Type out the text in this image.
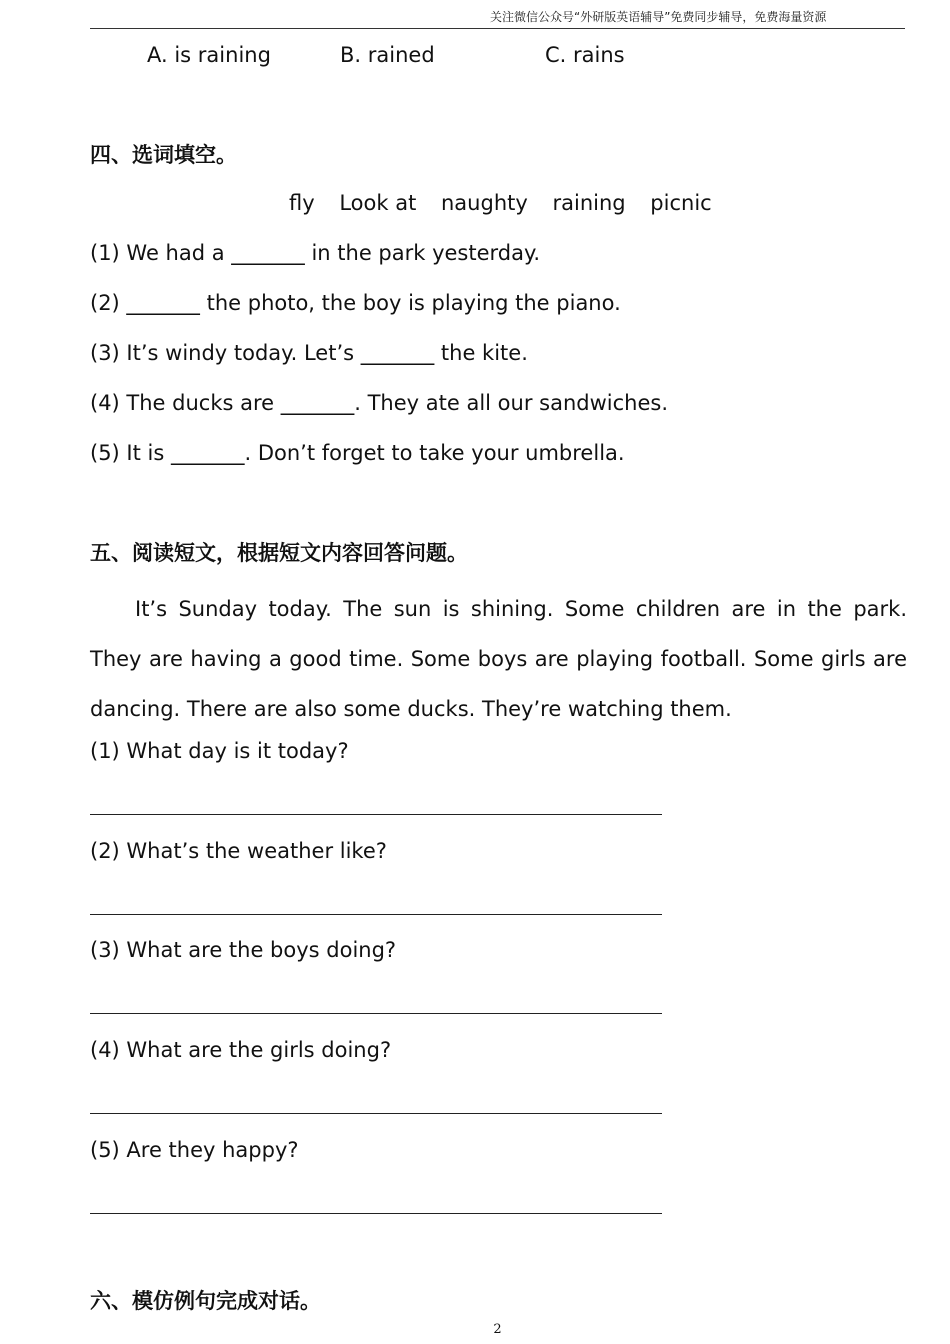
关注微信公众号“外研版英语辅导”免费同步辅导，免费海量资源
A. is raining	B. rained	C. rains
四、选词填空。
fly Look at naughty raining picnic
(1) We had a _______ in the park yesterday.
(2) _______ the photo, the boy is playing the piano.
(3) It’s windy today. Let’s _______ the kite.
(4) The ducks are _______. They ate all our sandwiches.
(5) It is _______. Don’t forget to take your umbrella.
五、阅读短文，根据短文内容回答问题。

It’s Sunday today. The sun is shining. Some children are in the park. They are having a good time. Some boys are playing football. Some girls are dancing. There are also some ducks. They’re watching them.

(1) What day is it today?
(2) What’s the weather like?
(3) What are the boys doing?
(4) What are the girls doing?
(5) Are they happy?
六、模仿例句完成对话。
2
